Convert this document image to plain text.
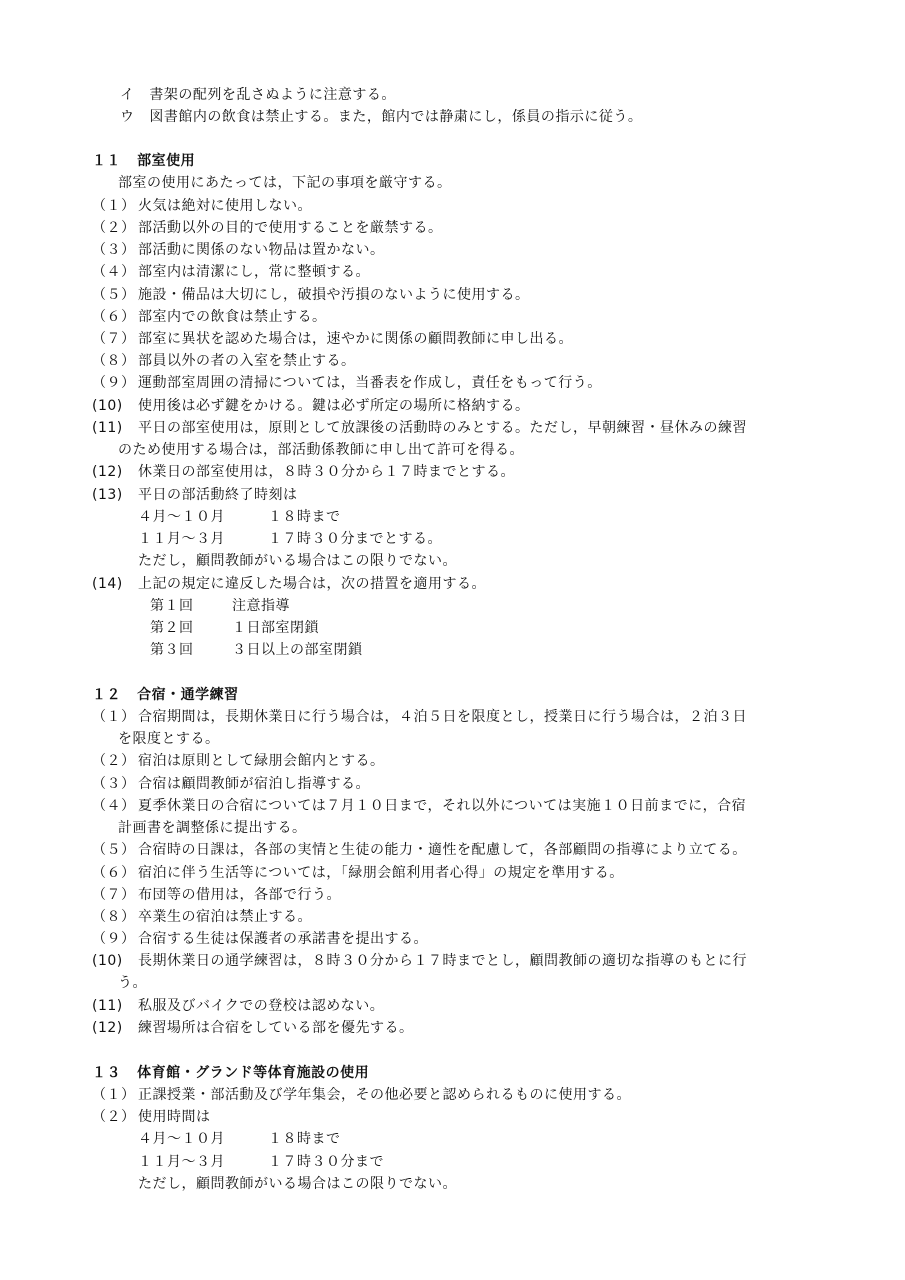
イ 書架の配列を乱さぬように注意する。
ウ 図書館内の飲食は禁止する。また，館内では静粛にし，係員の指示に従う。
１１ 部室使用
部室の使用にあたっては，下記の事項を厳守する。
（１） 火気は絶対に使用しない。
（２） 部活動以外の目的で使用することを厳禁する。
（３） 部活動に関係のない物品は置かない。
（４） 部室内は清潔にし，常に整頓する。
（５） 施設・備品は大切にし，破損や汚損のないように使用する。
（６） 部室内での飲食は禁止する。
（７） 部室に異状を認めた場合は，速やかに関係の顧問教師に申し出る。
（８） 部員以外の者の入室を禁止する。
（９） 運動部室周囲の清掃については，当番表を作成し，責任をもって行う。
(10) 使用後は必ず鍵をかける。鍵は必ず所定の場所に格納する。
(11) 平日の部室使用は，原則として放課後の活動時のみとする。ただし，早朝練習・昼休みの練習
のため使用する場合は，部活動係教師に申し出て許可を得る。
(12) 休業日の部室使用は，８時３０分から１７時までとする。
(13) 平日の部活動終了時刻は
４月～１０月	１８時まで
１１月～３月	１７時３０分までとする。
ただし，顧問教師がいる場合はこの限りでない。
(14) 上記の規定に違反した場合は，次の措置を適用する。
第１回	注意指導
第２回	１日部室閉鎖
第３回	３日以上の部室閉鎖
１２ 合宿・通学練習
（１） 合宿期間は，長期休業日に行う場合は，４泊５日を限度とし，授業日に行う場合は，２泊３日
を限度とする。
（２） 宿泊は原則として緑朋会館内とする。
（３） 合宿は顧問教師が宿泊し指導する。
（４） 夏季休業日の合宿については７月１０日まで，それ以外については実施１０日前までに，合宿
計画書を調整係に提出する。
（５） 合宿時の日課は，各部の実情と生徒の能力・適性を配慮して，各部顧問の指導により立てる。
（６） 宿泊に伴う生活等については，「緑朋会館利用者心得」の規定を準用する。
（７） 布団等の借用は，各部で行う。
（８） 卒業生の宿泊は禁止する。
（９） 合宿する生徒は保護者の承諾書を提出する。
(10) 長期休業日の通学練習は，８時３０分から１７時までとし，顧問教師の適切な指導のもとに行
う。
(11) 私服及びバイクでの登校は認めない。
(12) 練習場所は合宿をしている部を優先する。
１３ 体育館・グランド等体育施設の使用
（１） 正課授業・部活動及び学年集会，その他必要と認められるものに使用する。
（２） 使用時間は
４月～１０月	１８時まで
１１月～３月	１７時３０分まで
ただし，顧問教師がいる場合はこの限りでない。
